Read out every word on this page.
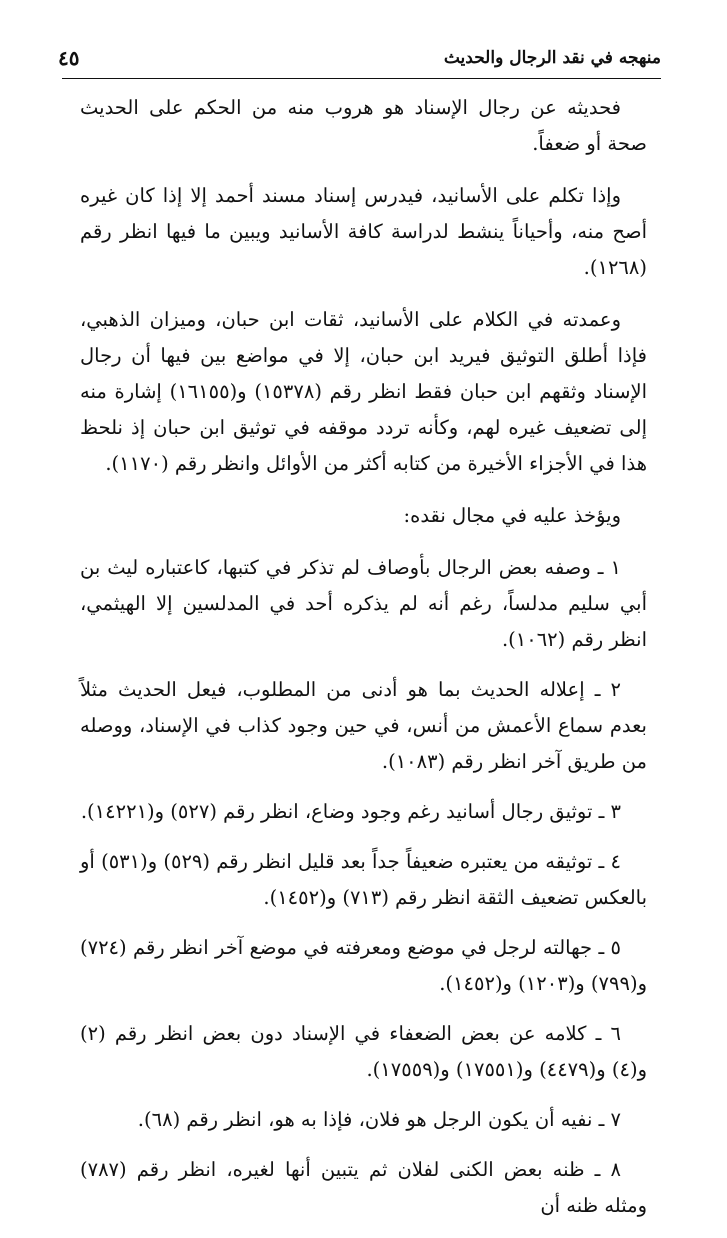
منهجه في نقد الرجال والحديث
٤٥

فحديثه عن رجال الإسناد هو هروب منه من الحكم على الحديث صحة أو ضعفاً.

وإذا تكلم على الأسانيد، فيدرس إسناد مسند أحمد إلا إذا كان غيره أصح منه، وأحياناً ينشط لدراسة كافة الأسانيد ويبين ما فيها انظر رقم (١٢٦٨).

وعمدته في الكلام على الأسانيد، ثقات ابن حبان، وميزان الذهبي، فإذا أطلق التوثيق فيريد ابن حبان، إلا في مواضع بين فيها أن رجال الإسناد وثقهم ابن حبان فقط انظر رقم (١٥٣٧٨) و(١٦١٥٥) إشارة منه إلى تضعيف غيره لهم، وكأنه تردد موقفه في توثيق ابن حبان إذ نلحظ هذا في الأجزاء الأخيرة من كتابه أكثر من الأوائل وانظر رقم (١١٧٠).

ويؤخذ عليه في مجال نقده:

١ ـ وصفه بعض الرجال بأوصاف لم تذكر في كتبها، كاعتباره ليث بن أبي سليم مدلساً، رغم أنه لم يذكره أحد في المدلسين إلا الهيثمي، انظر رقم (١٠٦٢).

٢ ـ إعلاله الحديث بما هو أدنى من المطلوب، فيعل الحديث مثلاً بعدم سماع الأعمش من أنس، في حين وجود كذاب في الإسناد، ووصله من طريق آخر انظر رقم (١٠٨٣).

٣ ـ توثيق رجال أسانيد رغم وجود وضاع، انظر رقم (٥٢٧) و(١٤٢٢١).

٤ ـ توثيقه من يعتبره ضعيفاً جداً بعد قليل انظر رقم (٥٢٩) و(٥٣١) أو بالعكس تضعيف الثقة انظر رقم (٧١٣) و(١٤٥٢).

٥ ـ جهالته لرجل في موضع ومعرفته في موضع آخر انظر رقم (٧٢٤) و(٧٩٩) و(١٢٠٣) و(١٤٥٢).

٦ ـ كلامه عن بعض الضعفاء في الإسناد دون بعض انظر رقم (٢) و(٤) و(٤٤٧٩) و(١٧٥٥١) و(١٧٥٥٩).

٧ ـ نفيه أن يكون الرجل هو فلان، فإذا به هو، انظر رقم (٦٨).

٨ ـ ظنه بعض الكنى لفلان ثم يتبين أنها لغيره، انظر رقم (٧٨٧) ومثله ظنه أن
